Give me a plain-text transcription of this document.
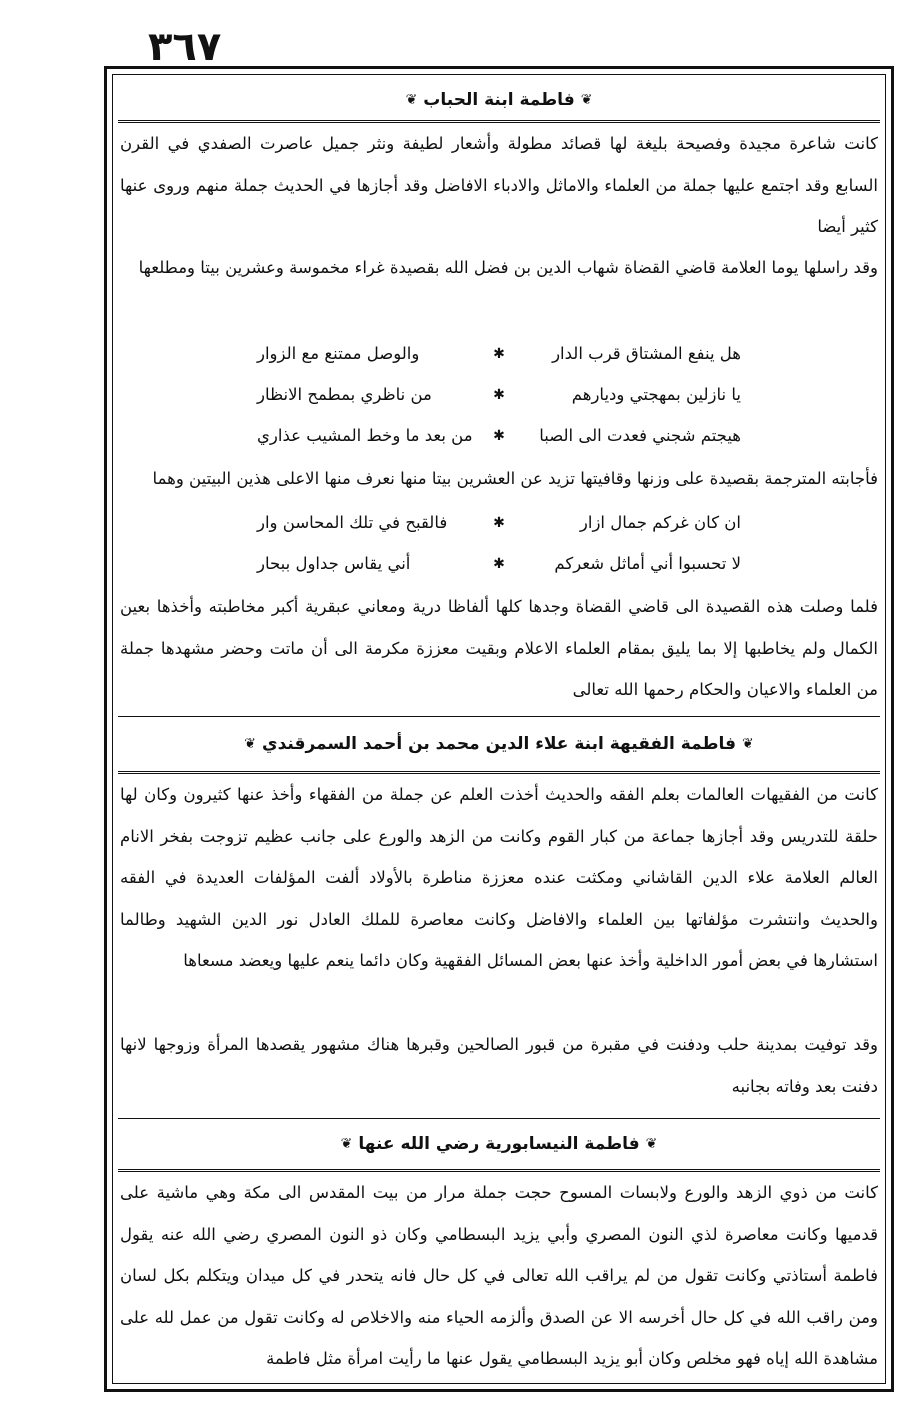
٣٦٧
❦
فاطمة ابنة الحباب
❦

كانت شاعرة مجيدة وفصيحة بليغة لها قصائد مطولة وأشعار لطيفة ونثر جميل عاصرت الصفدي في القرن السابع وقد اجتمع عليها جملة من العلماء والاماثل والادباء الافاضل وقد أجازها في الحديث جملة منهم وروى عنها كثير أيضا

وقد راسلها يوما العلامة قاضي القضاة شهاب الدين بن فضل الله بقصيدة غراء مخموسة وعشرين بيتا ومطلعها

هل ينفع المشتاق قرب الدار
✱
والوصل ممتنع مع الزوار
يا نازلين بمهجتي وديارهم
✱
من ناظري بمطمح الانظار
هيجتم شجني فعدت الى الصبا
✱
من بعد ما وخط المشيب عذاري

فأجابته المترجمة بقصيدة على وزنها وقافيتها تزيد عن العشرين بيتا منها نعرف منها الاعلى هذين البيتين وهما

ان كان غركم جمال ازار
✱
فالقبح في تلك المحاسن وار
لا تحسبوا أني أماثل شعركم
✱
أني يقاس جداول ببحار

فلما وصلت هذه القصيدة الى قاضي القضاة وجدها كلها ألفاظا درية ومعاني عبقرية أكبر مخاطبته وأخذها بعين الكمال ولم يخاطبها إلا بما يليق بمقام العلماء الاعلام وبقيت معززة مكرمة الى أن ماتت وحضر مشهدها جملة من العلماء والاعيان والحكام رحمها الله تعالى

❦
فاطمة الفقيهة ابنة علاء الدين محمد بن أحمد السمرقندي
❦

كانت من الفقيهات العالمات بعلم الفقه والحديث أخذت العلم عن جملة من الفقهاء وأخذ عنها كثيرون وكان لها حلقة للتدريس وقد أجازها جماعة من كبار القوم وكانت من الزهد والورع على جانب عظيم تزوجت بفخر الانام العالم العلامة علاء الدين القاشاني ومكثت عنده معززة مناطرة بالأولاد ألفت المؤلفات العديدة في الفقه والحديث وانتشرت مؤلفاتها بين العلماء والافاضل وكانت معاصرة للملك العادل نور الدين الشهيد وطالما استشارها في بعض أمور الداخلية وأخذ عنها بعض المسائل الفقهية وكان دائما ينعم عليها ويعضد مسعاها

وقد توفيت بمدينة حلب ودفنت في مقبرة من قبور الصالحين وقبرها هناك مشهور يقصدها المرأة وزوجها لانها دفنت بعد وفاته بجانبه

❦
فاطمة النيسابورية رضي الله عنها
❦

كانت من ذوي الزهد والورع ولابسات المسوح حجت جملة مرار من بيت المقدس الى مكة وهي ماشية على قدميها وكانت معاصرة لذي النون المصري وأبي يزيد البسطامي وكان ذو النون المصري رضي الله عنه يقول فاطمة أستاذتي وكانت تقول من لم يراقب الله تعالى في كل حال فانه يتحدر في كل ميدان ويتكلم بكل لسان ومن راقب الله في كل حال أخرسه الا عن الصدق وألزمه الحياء منه والاخلاص له وكانت تقول من عمل لله على مشاهدة الله إياه فهو مخلص وكان أبو يزيد البسطامي يقول عنها ما رأيت امرأة مثل فاطمة
